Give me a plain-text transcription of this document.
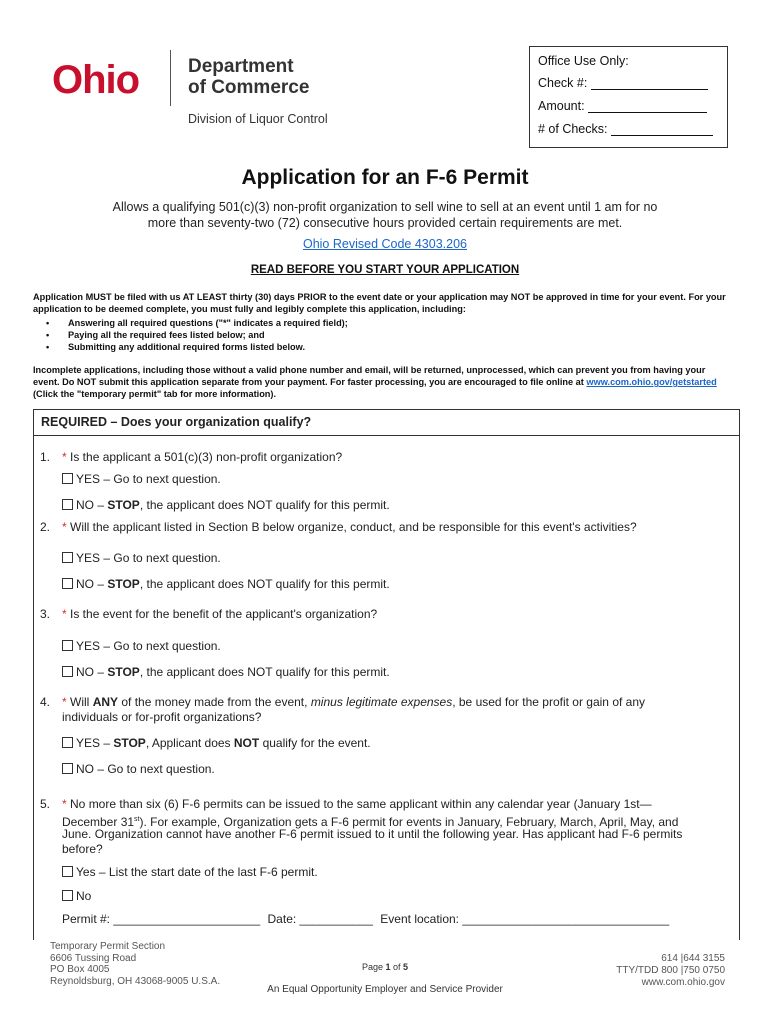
Ohio	Department
of Commerce
Division of Liquor Control
Office Use Only:
Check #:
Amount:
# of Checks:
Application for an F-6 Permit
Allows a qualifying 501(c)(3) non-profit organization to sell wine to sell at an event until 1 am for no more than seventy-two (72) consecutive hours provided certain requirements are met.
Ohio Revised Code 4303.206
READ BEFORE YOU START YOUR APPLICATION
Application MUST be filed with us AT LEAST thirty (30) days PRIOR to the event date or your application may NOT be approved in time for your event. For your application to be deemed complete, you must fully and legibly complete this application, including:
• Answering all required questions ("*" indicates a required field);
• Paying all the required fees listed below; and
• Submitting any additional required forms listed below.
Incomplete applications, including those without a valid phone number and email, will be returned, unprocessed, which can prevent you from having your event. Do NOT submit this application separate from your payment. For faster processing, you are encouraged to file online at www.com.ohio.gov/getstarted (Click the "temporary permit" tab for more information).
REQUIRED – Does your organization qualify?
1. * Is the applicant a 501(c)(3) non-profit organization?
YES – Go to next question.
NO – STOP, the applicant does NOT qualify for this permit.
2. * Will the applicant listed in Section B below organize, conduct, and be responsible for this event's activities?
YES – Go to next question.
NO – STOP, the applicant does NOT qualify for this permit.
3. * Is the event for the benefit of the applicant's organization?
YES – Go to next question.
NO – STOP, the applicant does NOT qualify for this permit.
4. * Will ANY of the money made from the event, minus legitimate expenses, be used for the profit or gain of any
individuals or for-profit organizations?
YES – STOP, Applicant does NOT qualify for the event.
NO – Go to next question.
5. * No more than six (6) F-6 permits can be issued to the same applicant within any calendar year (January 1st—
December 31st). For example, Organization gets a F-6 permit for events in January, February, March, April, May, and
June. Organization cannot have another F-6 permit issued to it until the following year. Has applicant had F-6 permits
before?
Yes – List the start date of the last F-6 permit.
No
Permit #: ______________________ Date: ___________ Event location: _______________________________
Temporary Permit Section
6606 Tussing Road
PO Box 4005
Reynoldsburg, OH 43068-9005 U.S.A.
Page 1 of 5
An Equal Opportunity Employer and Service Provider
614 |644 3155
TTY/TDD 800 |750 0750
www.com.ohio.gov
